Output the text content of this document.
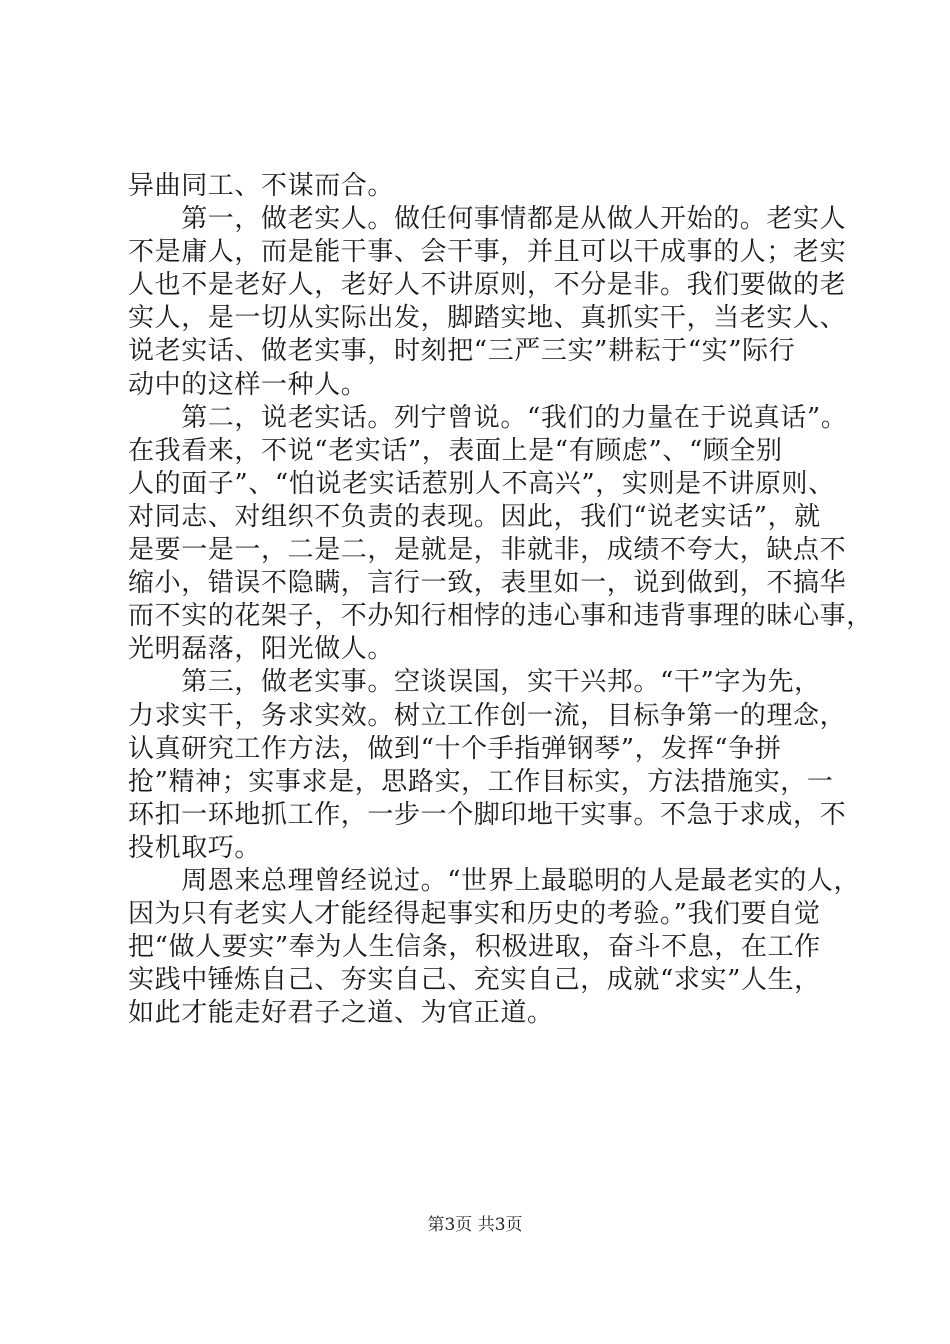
异曲同工、不谋而合。
　　第一，做老实人。做任何事情都是从做人开始的。老实人
不是庸人，而是能干事、会干事，并且可以干成事的人；老实
人也不是老好人，老好人不讲原则，不分是非。我们要做的老
实人，是一切从实际出发，脚踏实地、真抓实干，当老实人、
说老实话、做老实事，时刻把“三严三实”耕耘于“实”际行
动中的这样一种人。
　　第二，说老实话。列宁曾说。“我们的力量在于说真话”。
在我看来，不说“老实话”，表面上是“有顾虑”、“顾全别
人的面子”、“怕说老实话惹别人不高兴”，实则是不讲原则、
对同志、对组织不负责的表现。因此，我们“说老实话”，就
是要一是一，二是二，是就是，非就非，成绩不夸大，缺点不
缩小，错误不隐瞒，言行一致，表里如一，说到做到，不搞华
而不实的花架子，不办知行相悖的违心事和违背事理的昧心事，
光明磊落，阳光做人。
　　第三，做老实事。空谈误国，实干兴邦。“干”字为先，
力求实干，务求实效。树立工作创一流，目标争第一的理念，
认真研究工作方法，做到“十个手指弹钢琴”，发挥“争拼
抢”精神；实事求是，思路实，工作目标实，方法措施实，一
环扣一环地抓工作，一步一个脚印地干实事。不急于求成，不
投机取巧。
　　周恩来总理曾经说过。“世界上最聪明的人是最老实的人，
因为只有老实人才能经得起事实和历史的考验。”我们要自觉
把“做人要实”奉为人生信条，积极进取，奋斗不息，在工作
实践中锤炼自己、夯实自己、充实自己，成就“求实”人生，
如此才能走好君子之道、为官正道。
第3页 共3页
